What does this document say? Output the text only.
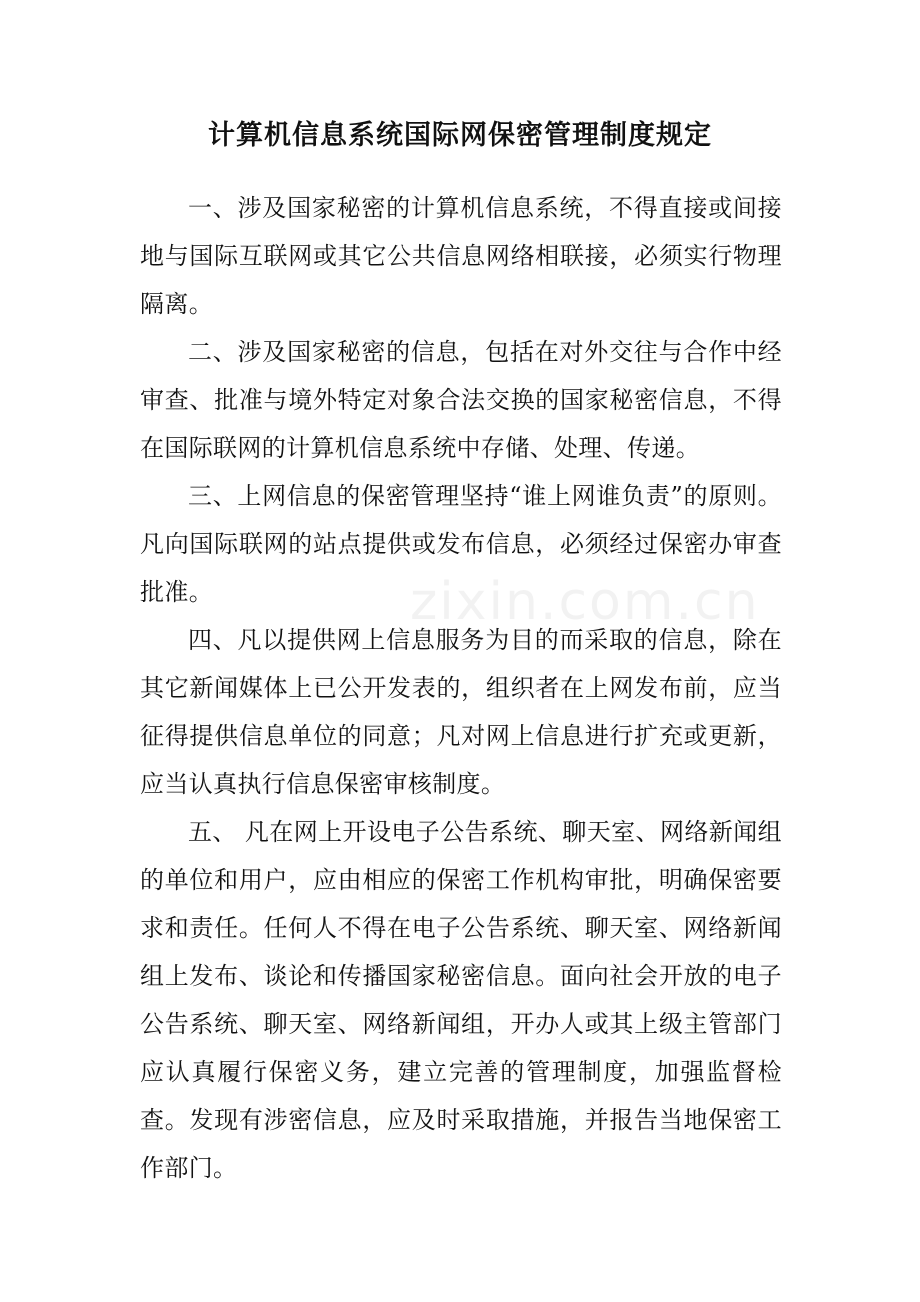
zixin.com.cn
计算机信息系统国际网保密管理制度规定

一、涉及国家秘密的计算机信息系统，不得直接或间接地与国际互联网或其它公共信息网络相联接，必须实行物理隔离。

二、涉及国家秘密的信息，包括在对外交往与合作中经审查、批准与境外特定对象合法交换的国家秘密信息，不得在国际联网的计算机信息系统中存储、处理、传递。

三、上网信息的保密管理坚持“谁上网谁负责”的原则。凡向国际联网的站点提供或发布信息，必须经过保密办审查批准。

四、凡以提供网上信息服务为目的而采取的信息，除在其它新闻媒体上已公开发表的，组织者在上网发布前，应当征得提供信息单位的同意；凡对网上信息进行扩充或更新，应当认真执行信息保密审核制度。

五、 凡在网上开设电子公告系统、聊天室、网络新闻组的单位和用户，应由相应的保密工作机构审批，明确保密要求和责任。任何人不得在电子公告系统、聊天室、网络新闻组上发布、谈论和传播国家秘密信息。面向社会开放的电子公告系统、聊天室、网络新闻组，开办人或其上级主管部门应认真履行保密义务，建立完善的管理制度，加强监督检查。发现有涉密信息，应及时采取措施，并报告当地保密工作部门。
